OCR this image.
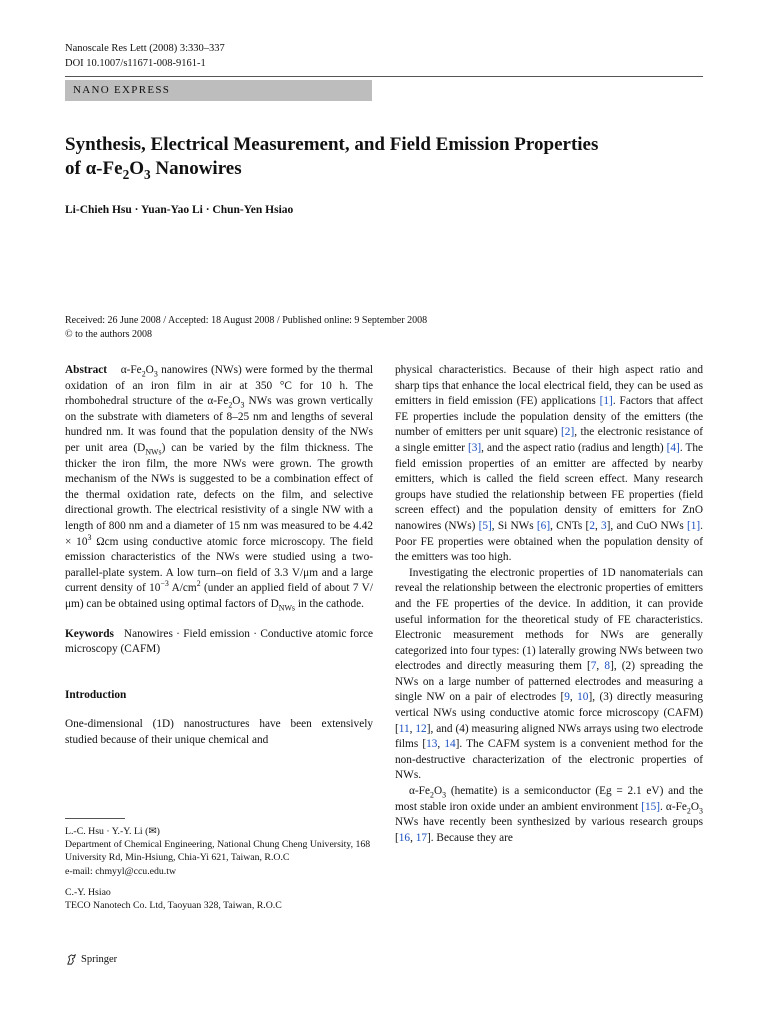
Nanoscale Res Lett (2008) 3:330–337
DOI 10.1007/s11671-008-9161-1
NANO EXPRESS
Synthesis, Electrical Measurement, and Field Emission Properties
of $\alpha-Fe_2O_3$ Nanowires
Li-Chieh Hsu · Yuan-Yao Li · Chun-Yen Hsiao
Received: 26 June 2008 / Accepted: 18 August 2008 / Published online: 9 September 2008
© to the authors 2008

Abstract $\alpha-Fe_2O_3$ nanowires (NWs) were formed by the thermal oxidation of an iron film in air at 350 °C for 10 h. The rhombohedral structure of the $\alpha-Fe_2O_3$ NWs was grown vertically on the substrate with diameters of 8–25 nm and lengths of several hundred nm. It was found that the population density of the NWs per unit area $(D_{NWs})$ can be varied by the film thickness. The thicker the iron film, the more NWs were grown. The growth mechanism of the NWs is suggested to be a combination effect of the thermal oxidation rate, defects on the film, and selective directional growth. The electrical resistivity of a single NW with a length of 800 nm and a diameter of 15 nm was measured to be $4.42 \times 10^3$ Ωcm using conductive atomic force microscopy. The field emission characteristics of the NWs were studied using a two-parallel-plate system. A low turn–on field of 3.3 V/μm and a large current density of $10^{-3}$ $A/cm^2$ (under an applied field of about 7 V/μm) can be obtained using optimal factors of $D_{NWs}$ in the cathode.

Keywords Nanowires · Field emission · Conductive atomic force microscopy (CAFM)

Introduction

One-dimensional (1D) nanostructures have been extensively studied because of their unique chemical and

L.-C. Hsu · Y.-Y. Li (✉)

Department of Chemical Engineering, National Chung Cheng University, 168 University Rd, Min-Hsiung, Chia-Yi 621, Taiwan, R.O.C

e-mail: chmyyl@ccu.edu.tw

C.-Y. Hsiao

TECO Nanotech Co. Ltd, Taoyuan 328, Taiwan, R.O.C

Springer

physical characteristics. Because of their high aspect ratio and sharp tips that enhance the local electrical field, they can be used as emitters in field emission (FE) applications [1]. Factors that affect FE properties include the population density of the emitters (the number of emitters per unit square) [2], the electronic resistance of a single emitter [3], and the aspect ratio (radius and length) [4]. The field emission properties of an emitter are affected by nearby emitters, which is called the field screen effect. Many research groups have studied the relationship between FE properties (field screen effect) and the population density of emitters for ZnO nanowires (NWs) [5], Si NWs [6], CNTs [2, 3], and CuO NWs [1]. Poor FE properties were obtained when the population density of the emitters was too high.

Investigating the electronic properties of 1D nanomaterials can reveal the relationship between the electronic properties of emitters and the FE properties of the device. In addition, it can provide useful information for the theoretical study of FE characteristics. Electronic measurement methods for NWs are generally categorized into four types: (1) laterally growing NWs between two electrodes and directly measuring them [7, 8], (2) spreading the NWs on a large number of patterned electrodes and measuring a single NW on a pair of electrodes [9, 10], (3) directly measuring vertical NWs using conductive atomic force microscopy (CAFM) [11, 12], and (4) measuring aligned NWs arrays using two electrode films [13, 14]. The CAFM system is a convenient method for the non-destructive characterization of the electronic properties of NWs.

$\alpha-Fe_2O_3$ (hematite) is a semiconductor (Eg = 2.1 eV) and the most stable iron oxide under an ambient environment [15]. $\alpha-Fe_2O_3$ NWs have recently been synthesized by various research groups [16, 17]. Because they are
